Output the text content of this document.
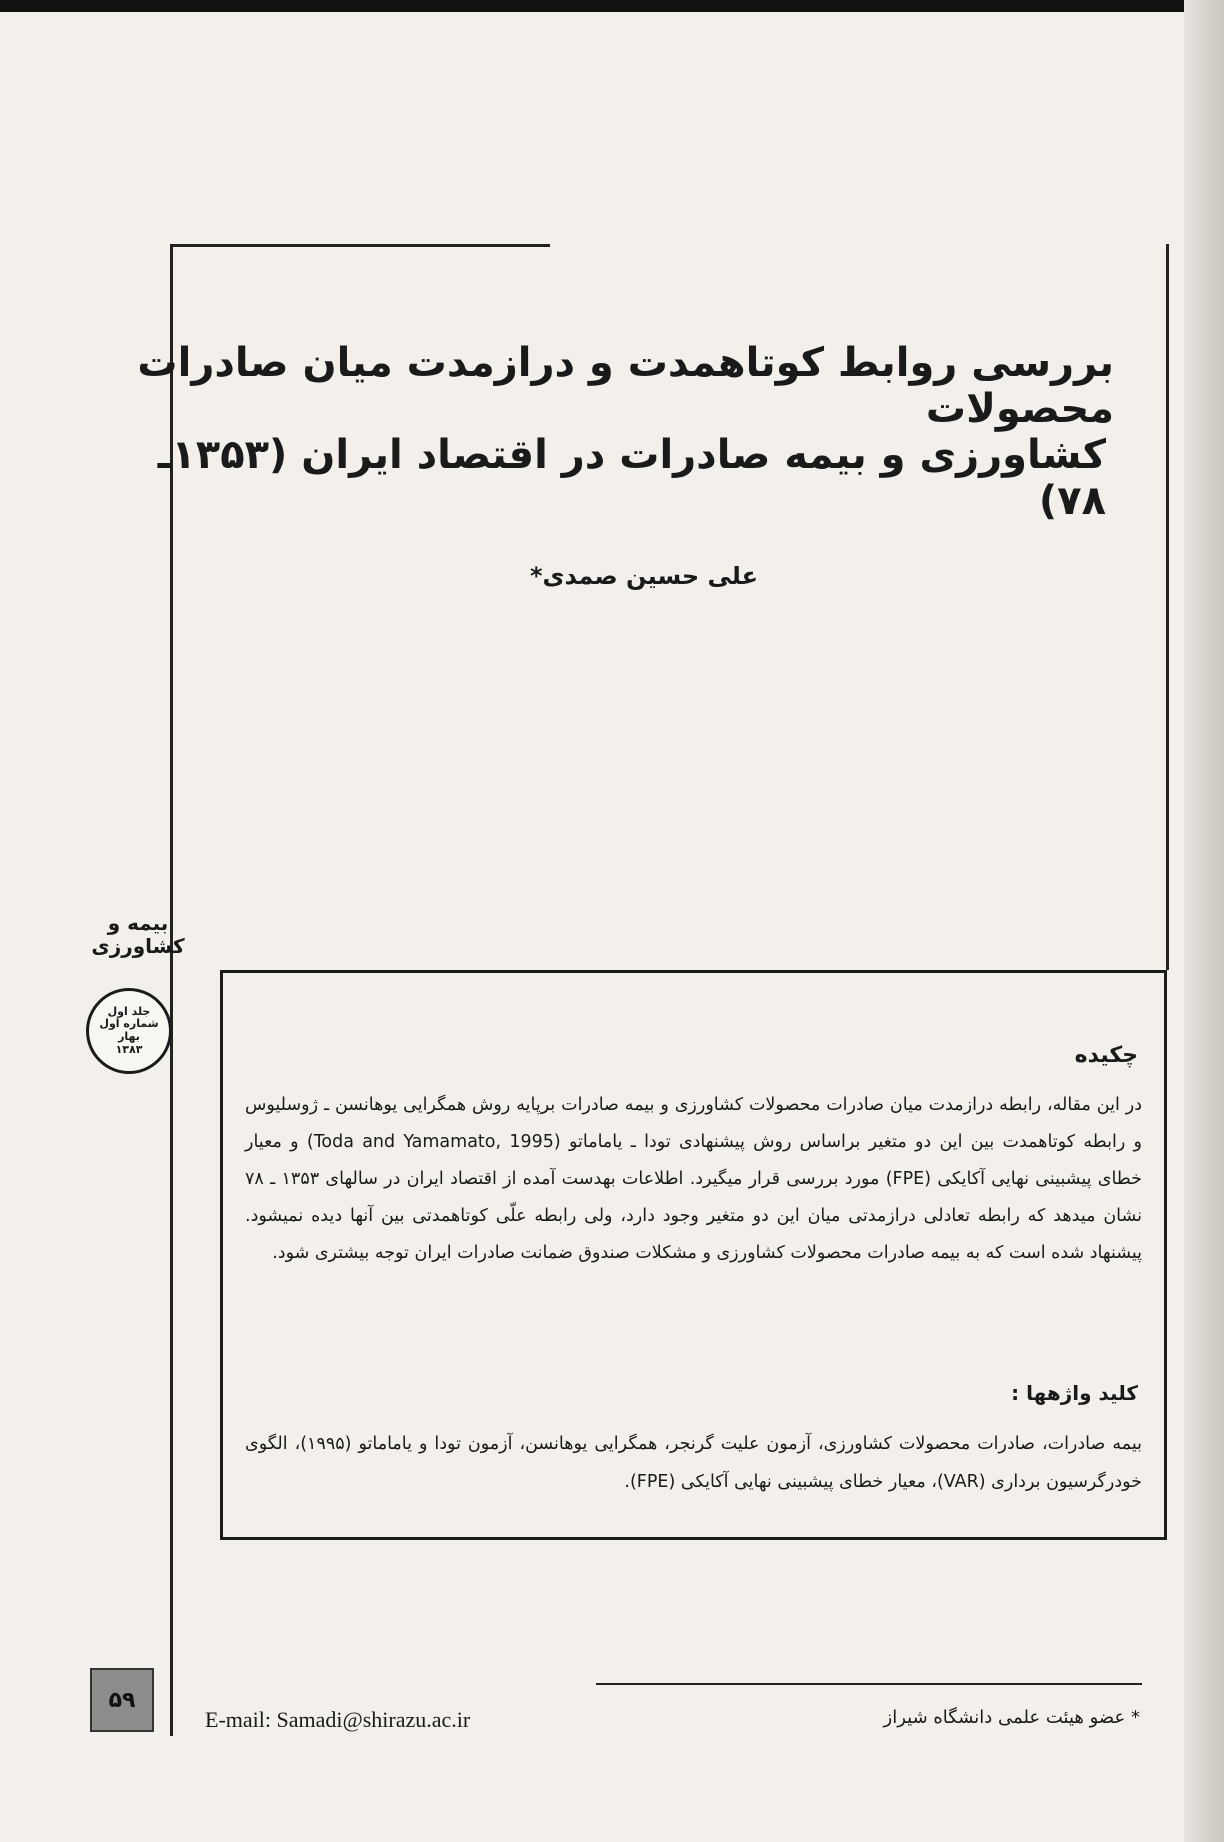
بررسی روابط کوتاهمدت و درازمدت میان صادرات محصولات
کشاورزی و بیمه صادرات در اقتصاد ایران (۱۳۵۳ـ ۷۸)
علی حسین صمدی*
بیمه و
کشاورزی
جلد اول
شماره اول
بهار
۱۳۸۳	چکیده

در این مقاله، رابطه درازمدت میان صادرات محصولات کشاورزی و بیمه صادرات برپایه روش همگرایی یوهانسن ـ ژوسلیوس و رابطه کوتاهمدت بین این دو متغیر براساس روش پیشنهادی تودا ـ یاماماتو (Toda and Yamamato, 1995) و معیار خطای پیشبینی نهایی آکایکی (FPE) مورد بررسی قرار میگیرد. اطلاعات بهدست آمده از اقتصاد ایران در سالهای ۱۳۵۳ ـ ۷۸ نشان میدهد که رابطه تعادلی درازمدتی میان این دو متغیر وجود دارد، ولی رابطه علّی کوتاهمدتی بین آنها دیده نمیشود. پیشنهاد شده است که به بیمه صادرات محصولات کشاورزی و مشکلات صندوق ضمانت صادرات ایران توجه بیشتری شود.

کلید واژهها :

بیمه صادرات، صادرات محصولات کشاورزی، آزمون علیت گرنجر، همگرایی یوهانسن، آزمون تودا و یاماماتو (۱۹۹۵)، الگوی خودرگرسیون برداری (VAR)، معیار خطای پیشبینی نهایی آکایکی (FPE).

۵۹
E-mail: Samadi@shirazu.ac.ir	* عضو هیئت علمی دانشگاه شیراز
